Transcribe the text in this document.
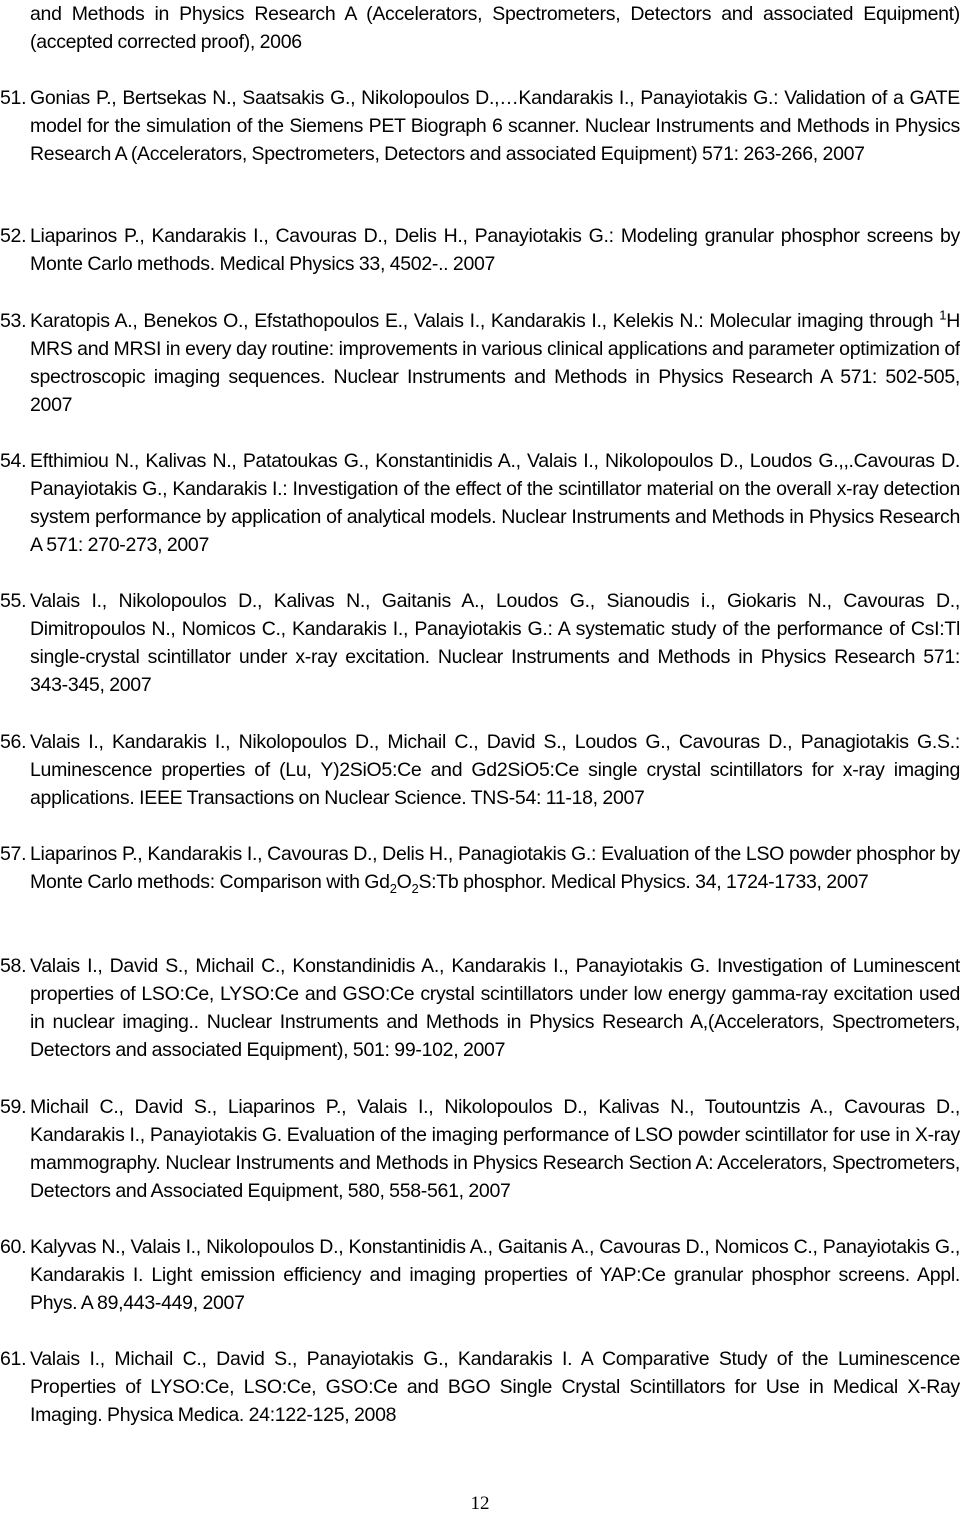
and Methods in Physics Research A (Accelerators, Spectrometers, Detectors and associated Equipment) (accepted corrected proof), 2006
51. Gonias P., Bertsekas N., Saatsakis G., Nikolopoulos D.,…Kandarakis I., Panayiotakis G.: Validation of a GATE model for the simulation of the Siemens PET Biograph 6 scanner. Nuclear Instruments and Methods in Physics Research A (Accelerators, Spectrometers, Detectors and associated Equipment) 571: 263-266, 2007
52. Liaparinos P., Kandarakis I., Cavouras D., Delis H., Panayiotakis G.: Modeling granular phosphor screens by Monte Carlo methods. Medical Physics 33, 4502-.. 2007
53. Karatopis A., Benekos O., Efstathopoulos E., Valais I., Kandarakis I., Kelekis N.: Molecular imaging through $^1$H MRS and MRSI in every day routine: improvements in various clinical applications and parameter optimization of spectroscopic imaging sequences. Nuclear Instruments and Methods in Physics Research A 571: 502-505, 2007
54. Efthimiou N., Kalivas N., Patatoukas G., Konstantinidis A., Valais I., Nikolopoulos D., Loudos G.,,.Cavouras D. Panayiotakis G., Kandarakis I.: Investigation of the effect of the scintillator material on the overall x-ray detection system performance by application of analytical models. Nuclear Instruments and Methods in Physics Research A 571: 270-273, 2007
55. Valais I., Nikolopoulos D., Kalivas N., Gaitanis A., Loudos G., Sianoudis i., Giokaris N., Cavouras D., Dimitropoulos N., Nomicos C., Kandarakis I., Panayiotakis G.: A systematic study of the performance of CsI:Tl single-crystal scintillator under x-ray excitation. Nuclear Instruments and Methods in Physics Research 571: 343-345, 2007
56. Valais I., Kandarakis I., Nikolopoulos D., Michail C., David S., Loudos G., Cavouras D., Panagiotakis G.S.: Luminescence properties of (Lu, Y)2SiO5:Ce and Gd2SiO5:Ce single crystal scintillators for x-ray imaging applications. IEEE Transactions on Nuclear Science. TNS-54: 11-18, 2007
57. Liaparinos P., Kandarakis I., Cavouras D., Delis H., Panagiotakis G.: Evaluation of the LSO powder phosphor by Monte Carlo methods: Comparison with $Gd_2O_2S:Tb$ phosphor. Medical Physics. 34, 1724-1733, 2007
58. Valais I., David S., Michail C., Konstandinidis A., Kandarakis I., Panayiotakis G. Investigation of Luminescent properties of LSO:Ce, LYSO:Ce and GSO:Ce crystal scintillators under low energy gamma-ray excitation used in nuclear imaging.. Nuclear Instruments and Methods in Physics Research A,(Accelerators, Spectrometers, Detectors and associated Equipment), 501: 99-102, 2007
59. Michail C., David S., Liaparinos P., Valais I., Nikolopoulos D., Kalivas N., Toutountzis A., Cavouras D., Kandarakis I., Panayiotakis G. Evaluation of the imaging performance of LSO powder scintillator for use in X-ray mammography. Nuclear Instruments and Methods in Physics Research Section A: Accelerators, Spectrometers, Detectors and Associated Equipment, 580, 558-561, 2007
60. Kalyvas N., Valais I., Nikolopoulos D., Konstantinidis A., Gaitanis A., Cavouras D., Nomicos C., Panayiotakis G., Kandarakis I. Light emission efficiency and imaging properties of YAP:Ce granular phosphor screens. Appl. Phys. A 89,443-449, 2007
61. Valais I., Michail C., David S., Panayiotakis G., Kandarakis I. A Comparative Study of the Luminescence Properties of LYSO:Ce, LSO:Ce, GSO:Ce and BGO Single Crystal Scintillators for Use in Medical X-Ray Imaging. Physica Medica. 24:122-125, 2008
12
